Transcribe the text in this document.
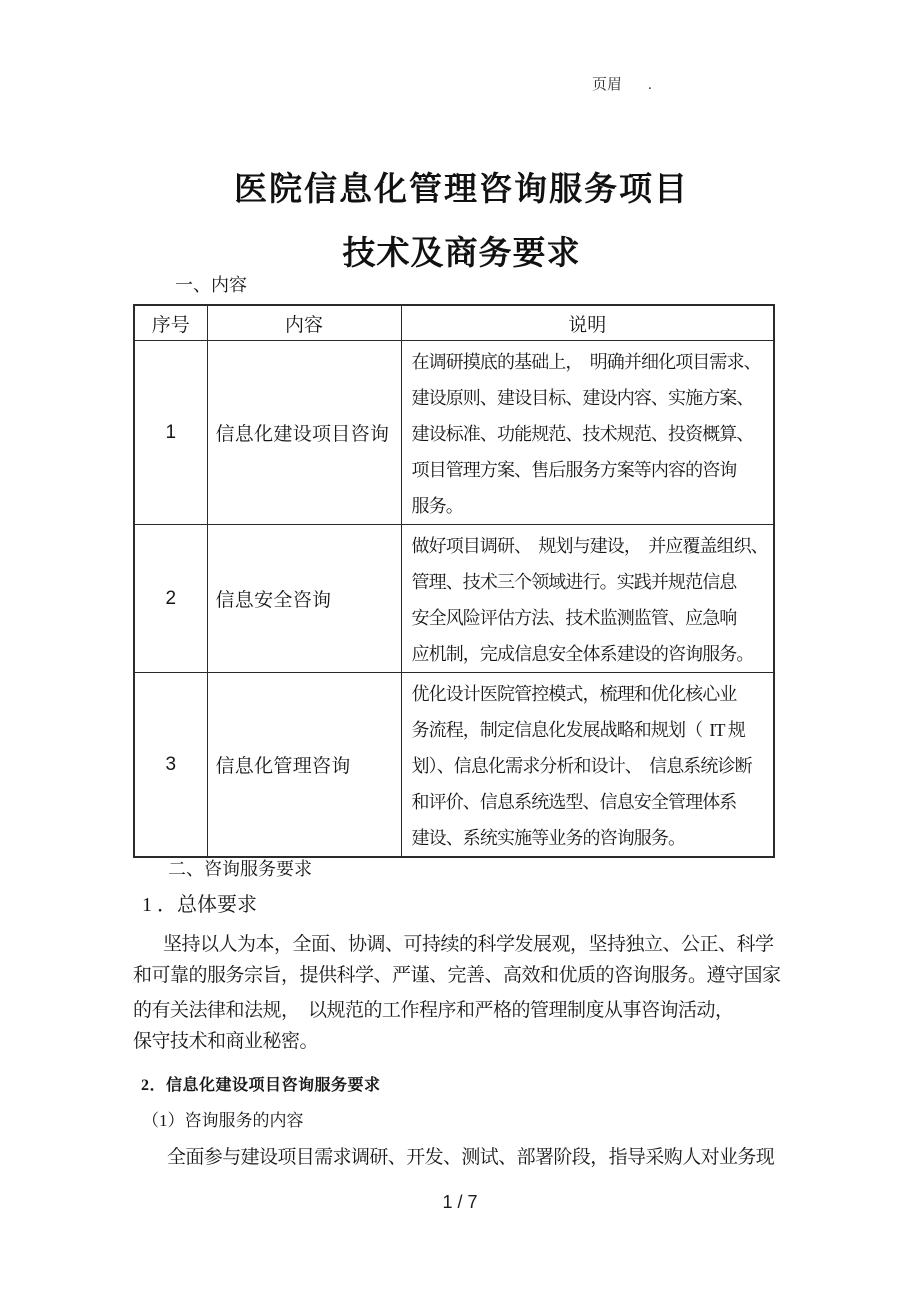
页眉 .

医院信息化管理咨询服务项目
技术及商务要求
一、内容
序号	内容	说明
1	信息化建设项目咨询	在调研摸底的基础上，  明确并细化项目需求、
建设原则、建设目标、建设内容、实施方案、
建设标准、功能规范、技术规范、投资概算、
项目管理方案、售后服务方案等内容的咨询
服务。

2	信息安全咨询	做好项目调研、  规划与建设，  并应覆盖组织、
管理、技术三个领域进行。实践并规范信息
安全风险评估方法、技术监测监管、应急响
应机制，完成信息安全体系建设的咨询服务。

3	信息化管理咨询	优化设计医院管控模式，梳理和优化核心业
务流程，制定信息化发展战略和规划（  IT 规
划）、信息化需求分析和设计、  信息系统诊断
和评价、信息系统选型、信息安全管理体系
建设、系统实施等业务的咨询服务。
二、咨询服务要求
1 ．总体要求
坚持以人为本，全面、协调、可持续的科学发展观，坚持独立、公正、科学
和可靠的服务宗旨，提供科学、严谨、完善、高效和优质的咨询服务。遵守国家
的有关法律和法规，  以规范的工作程序和严格的管理制度从事咨询活动，
保守技术和商业秘密。
2．信息化建设项目咨询服务要求
（1）咨询服务的内容
全面参与建设项目需求调研、开发、测试、部署阶段，指导采购人对业务现
1 / 7
